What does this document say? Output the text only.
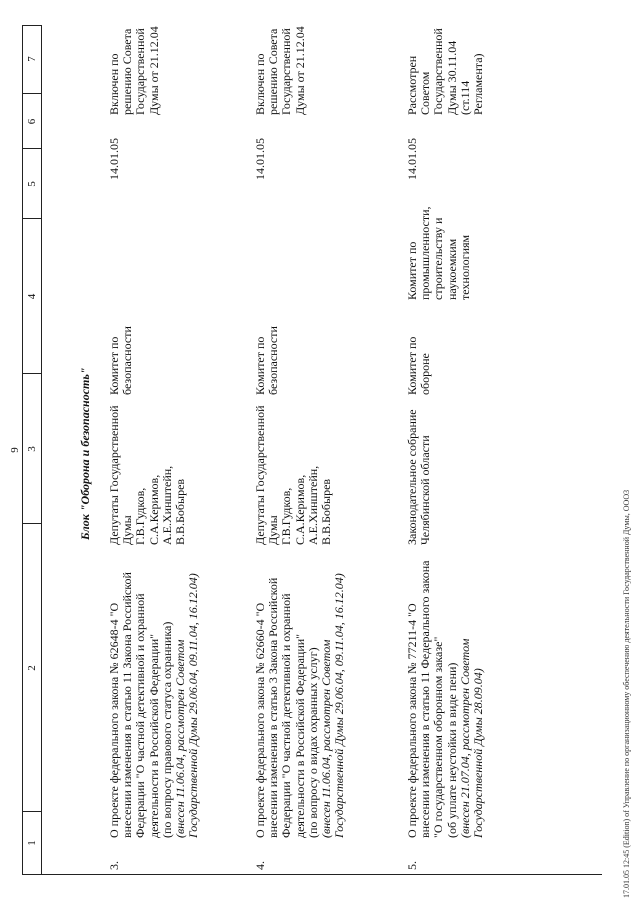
9
1
2
3
4
5
6
7
Блок "Оборона и безопасность"
3.
О проекте федерального закона № 62648-4 "О внесении изменения в статью 11 Закона Российской Федерации "О частной детективной и охранной деятельности в Российской Федерации"
(по вопросу правового статуса охранника) (внесен 11.06.04, рассмотрен Советом Государственной Думы 29.06.04, 09.11.04, 16.12.04)
Депутаты Государственной Думы
Г.В.Гудков,
С.А.Керимов,
А.Е.Хинштейн,
В.В.Бобырев
Комитет по безопасности
14.01.05
Включен по решению Совета Государственной Думы от 21.12.04
4.
О проекте федерального закона № 62660-4 "О внесении изменения в статью 3 Закона Российской Федерации "О частной детективной и охранной деятельности в Российской Федерации"
(по вопросу о видах охранных услуг) (внесен 11.06.04, рассмотрен Советом Государственной Думы 29.06.04, 09.11.04, 16.12.04)
Депутаты Государственной Думы
Г.В.Гудков,
С.А.Керимов,
А.Е.Хинштейн,
В.В.Бобырев
Комитет по безопасности
14.01.05
Включен по решению Совета Государственной Думы от 21.12.04
5.
О проекте федерального закона № 77211-4 "О внесении изменения в статью 11 Федерального закона "О государственном оборонном заказе"
(об уплате неустойки в виде пени) (внесен 21.07.04, рассмотрен Советом Государственной Думы 28.09.04)
Законодательное собрание Челябинской области
Комитет по обороне
Комитет по промышленности, строительству и наукоемким технологиям
14.01.05
Рассмотрен Советом Государственной Думы 30.11.04 (ст.114 Регламента)
17.01.05 12:45 (Edition) of Управление по организационному обеспечению деятельности Государственной Думы, ООО3
